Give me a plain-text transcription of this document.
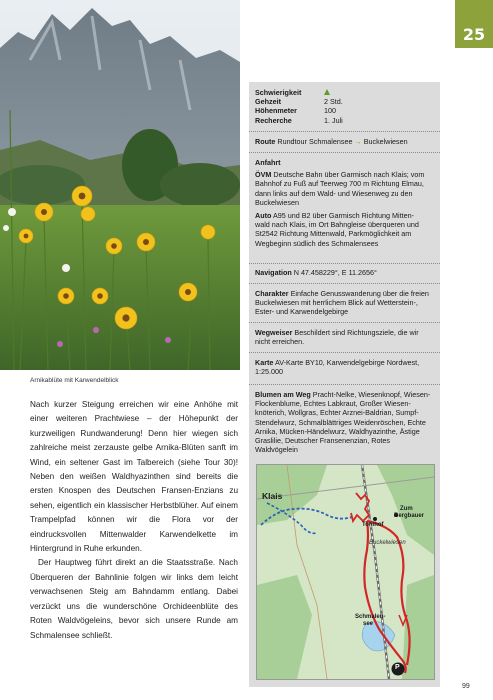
Arnikablüte mit Karwendelblick
25
Schwierigkeit
Gehzeit	2 Std.
Höhenmeter	100
Recherche	1. Juli
Route Rundtour Schmalensee → Buckelwiesen
Anfahrt
ÖVM Deutsche Bahn über Garmisch nach Klais; vom
Bahnhof zu Fuß auf Teerweg 700 m Richtung Elmau,
dann links auf dem Wald- und Wiesenweg zu den
Buckelwiesen
Auto A95 und B2 über Garmisch Richtung Mitten-
wald nach Klais, im Ort Bahngleise überqueren und
St2542 Richtung Mittenwald, Parkmöglichkeit am
Wegbeginn südlich des Schmalensees
Navigation N 47.458229°, E 11.2656°
Charakter Einfache Genusswanderung über die freien
Buckelwiesen mit herrlichem Blick auf Wetterstein-,
Ester- und Karwendelgebirge
Wegweiser Beschildert sind Richtungsziele, die wir
nicht erreichen.
Karte AV-Karte BY10, Karwendelgebirge Nordwest,
1:25.000
Blumen am Weg Pracht-Nelke, Wiesenknopf, Wiesen-
Flockenblume, Echtes Labkraut, Großer Wiesen-
knöterich, Wollgras, Echter Arznei-Baldrian, Sumpf-
Stendelwurz, Schmalblättriges Weidenröschen, Echte
Arnika, Mücken-Händelwurz, Waldhyazinthe, Ästige
Graslilie, Deutscher Fransenenzian, Rotes Waldvögelein
Klais
Tonihof
Zum
Bergbauer
Buckelwiesen
Schmalen-
see
P

Nach kurzer Steigung erreichen wir eine Anhöhe mit einer weiteren Prachtwiese – der Höhepunkt der kurzweiligen Rundwanderung! Denn hier wiegen sich zahlreiche meist zerzauste gelbe Arnika-Blüten sanft im Wind, ein seltener Gast im Talbereich (siehe Tour 30)! Neben den weißen Waldhyazinthen sind bereits die ersten Knospen des Deutschen Fransen-Enzians zu sehen, eigentlich ein klassischer Herbstblüher. Auf einem Trampelpfad können wir die Flora vor der eindrucksvollen Mittenwalder Karwendelkette im Hintergrund in Ruhe erkunden.

Der Hauptweg führt direkt an die Staatsstraße. Nach Überqueren der Bahnlinie folgen wir links dem leicht verwachsenen Steig am Bahndamm entlang. Dabei verzückt uns die wunderschöne Orchideenblüte des Roten Waldvögeleins, bevor sich unsere Runde am Schmalensee schließt.

99
